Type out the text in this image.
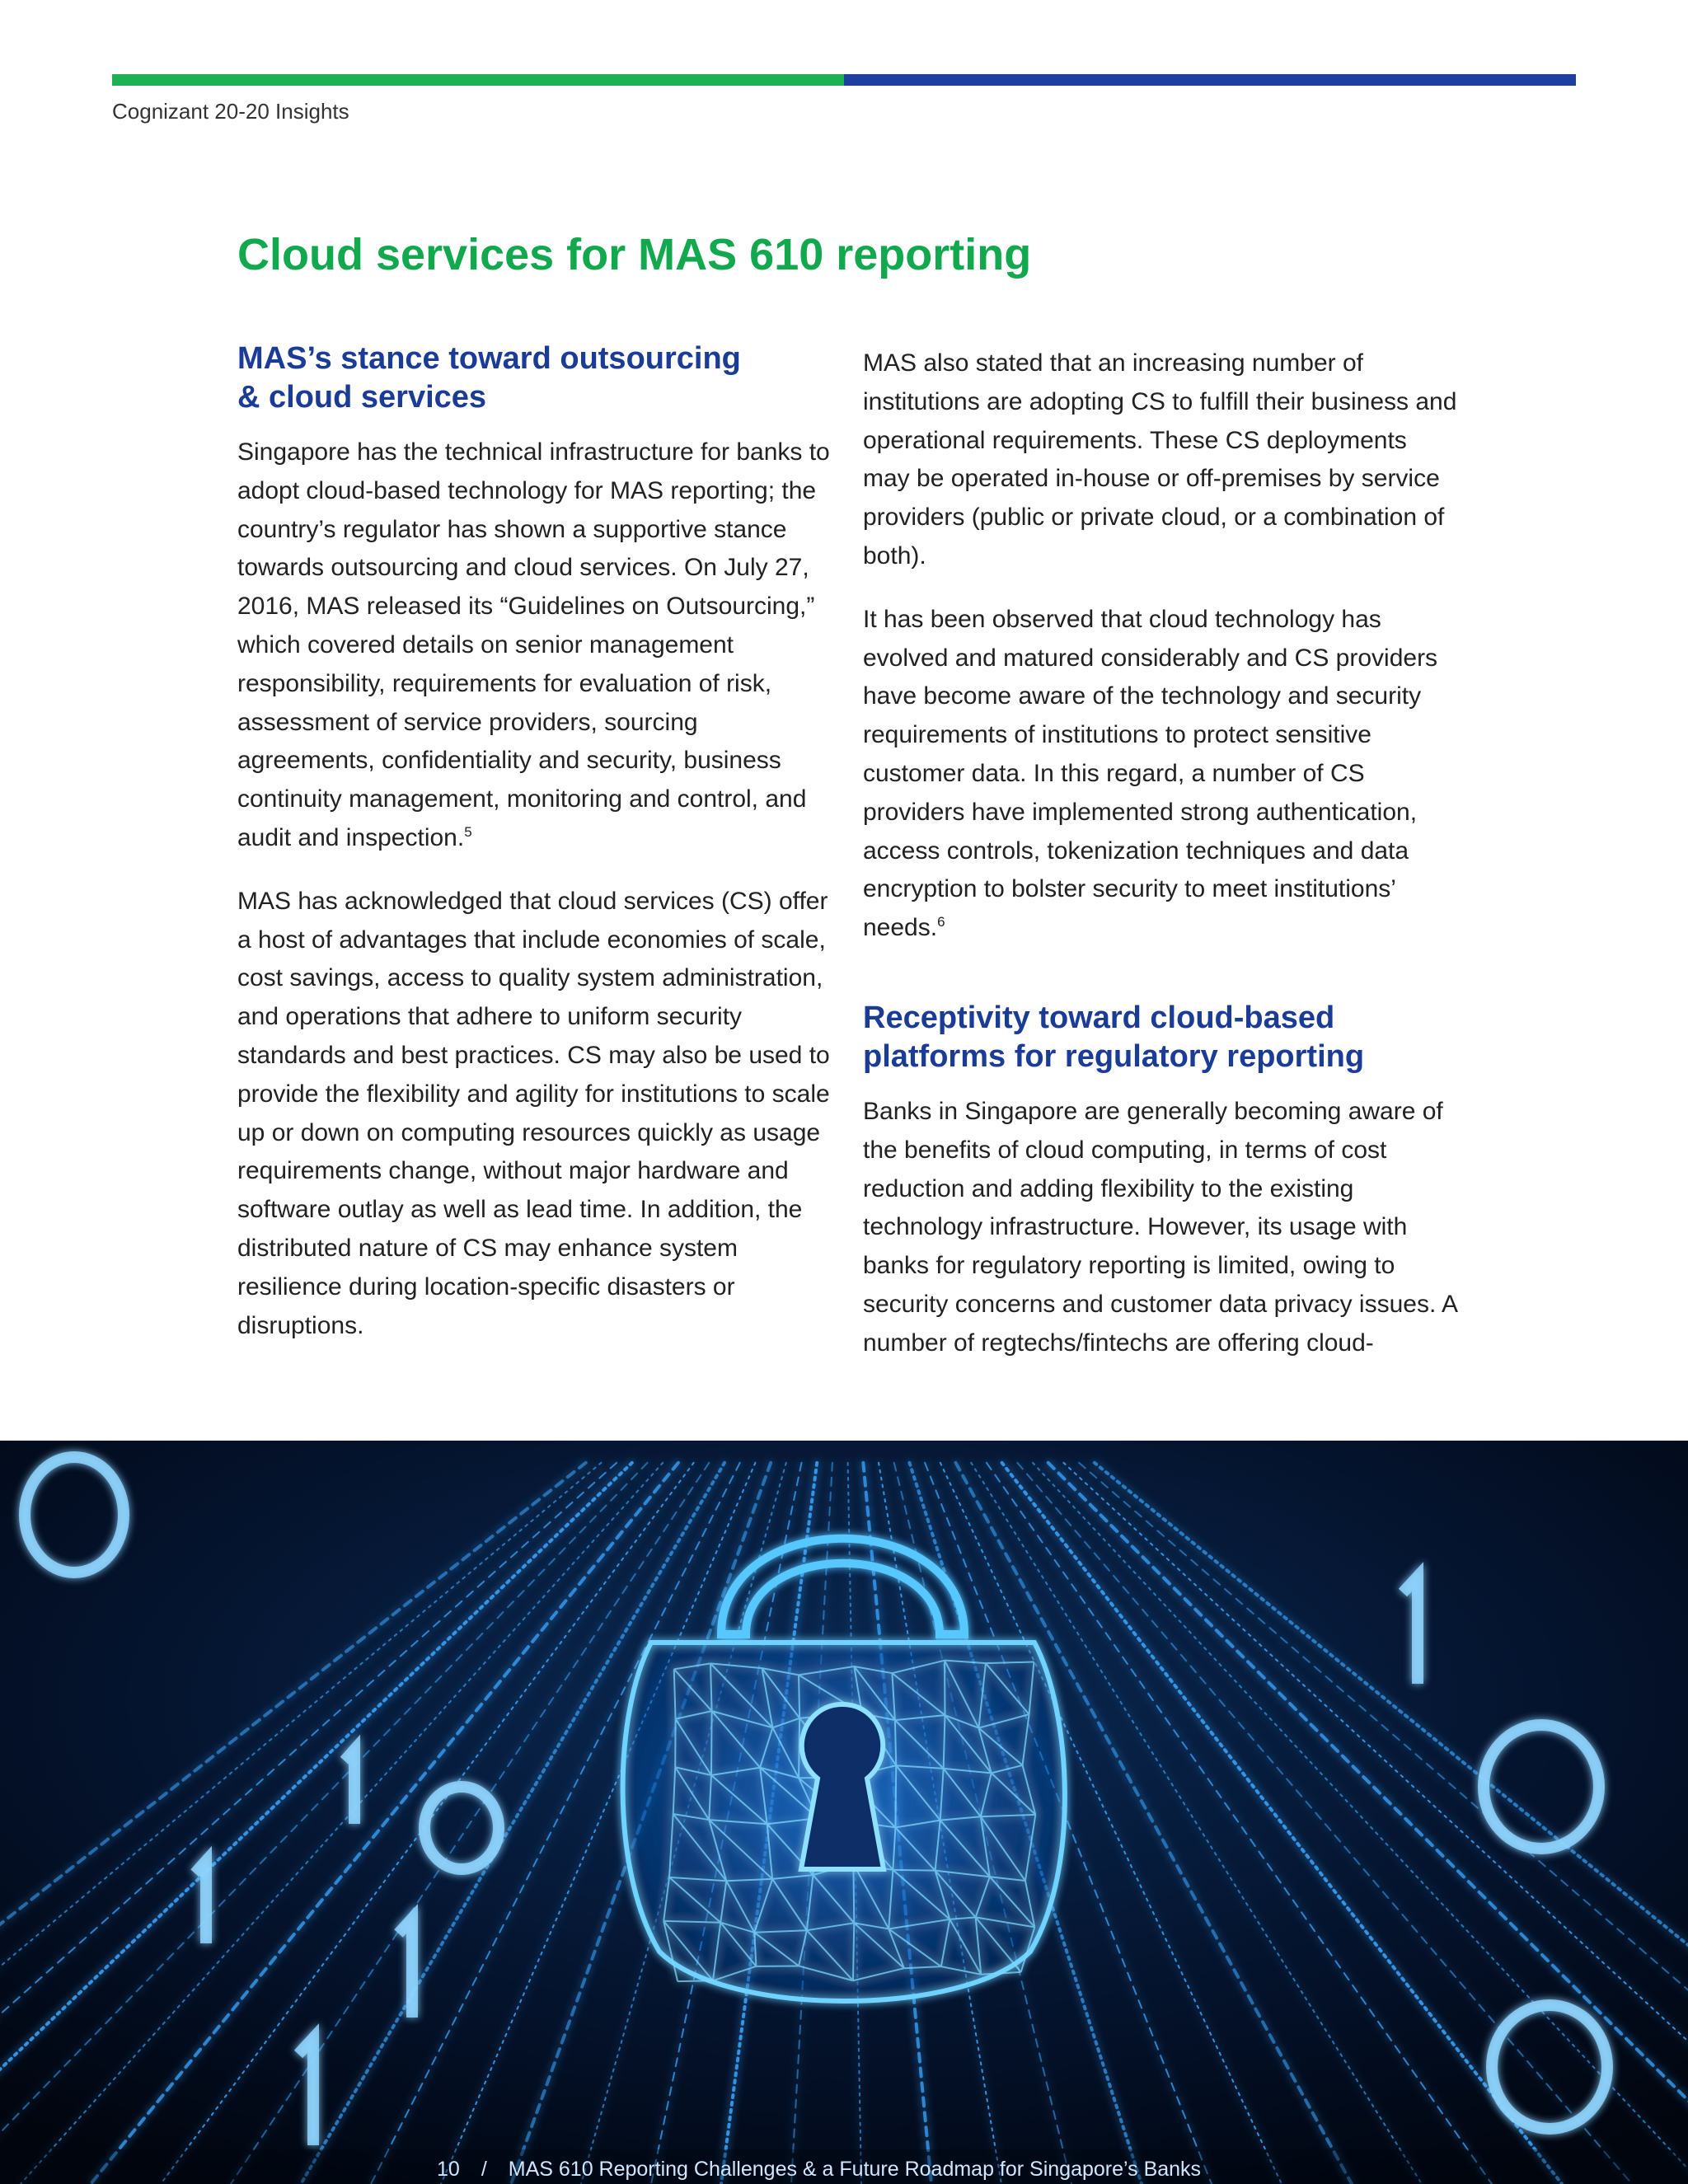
Cognizant 20-20 Insights
Cloud services for MAS 610 reporting
MAS’s stance toward outsourcing
& cloud services

Singapore has the technical infrastructure for banks to adopt cloud-based technology for MAS reporting; the country’s regulator has shown a supportive stance towards outsourcing and cloud services. On July 27, 2016, MAS released its “Guidelines on Outsourcing,” which covered details on senior management responsibility, requirements for evaluation of risk, assessment of service providers, sourcing agreements, confidentiality and security, business continuity management, monitoring and control, and audit and inspection.$^5$

MAS has acknowledged that cloud services (CS) offer a host of advantages that include economies of scale, cost savings, access to quality system administration, and operations that adhere to uniform security standards and best practices. CS may also be used to provide the flexibility and agility for institutions to scale up or down on computing resources quickly as usage requirements change, without major hardware and software outlay as well as lead time. In addition, the distributed nature of CS may enhance system resilience during location-specific disasters or disruptions.

MAS also stated that an increasing number of institutions are adopting CS to fulfill their business and operational requirements. These CS deployments may be operated in-house or off-premises by service providers (public or private cloud, or a combination of both).

It has been observed that cloud technology has evolved and matured considerably and CS providers have become aware of the technology and security requirements of institutions to protect sensitive customer data. In this regard, a number of CS providers have implemented strong authentication, access controls, tokenization techniques and data encryption to bolster security to meet institutions’ needs.$^6$

Receptivity toward cloud-based
platforms for regulatory reporting

Banks in Singapore are generally becoming aware of the benefits of cloud computing, in terms of cost reduction and adding flexibility to the existing technology infrastructure. However, its usage with banks for regulatory reporting is limited, owing to security concerns and customer data privacy issues. A number of regtechs/fintechs are offering cloud-

10 / MAS 610 Reporting Challenges & a Future Roadmap for Singapore’s Banks
